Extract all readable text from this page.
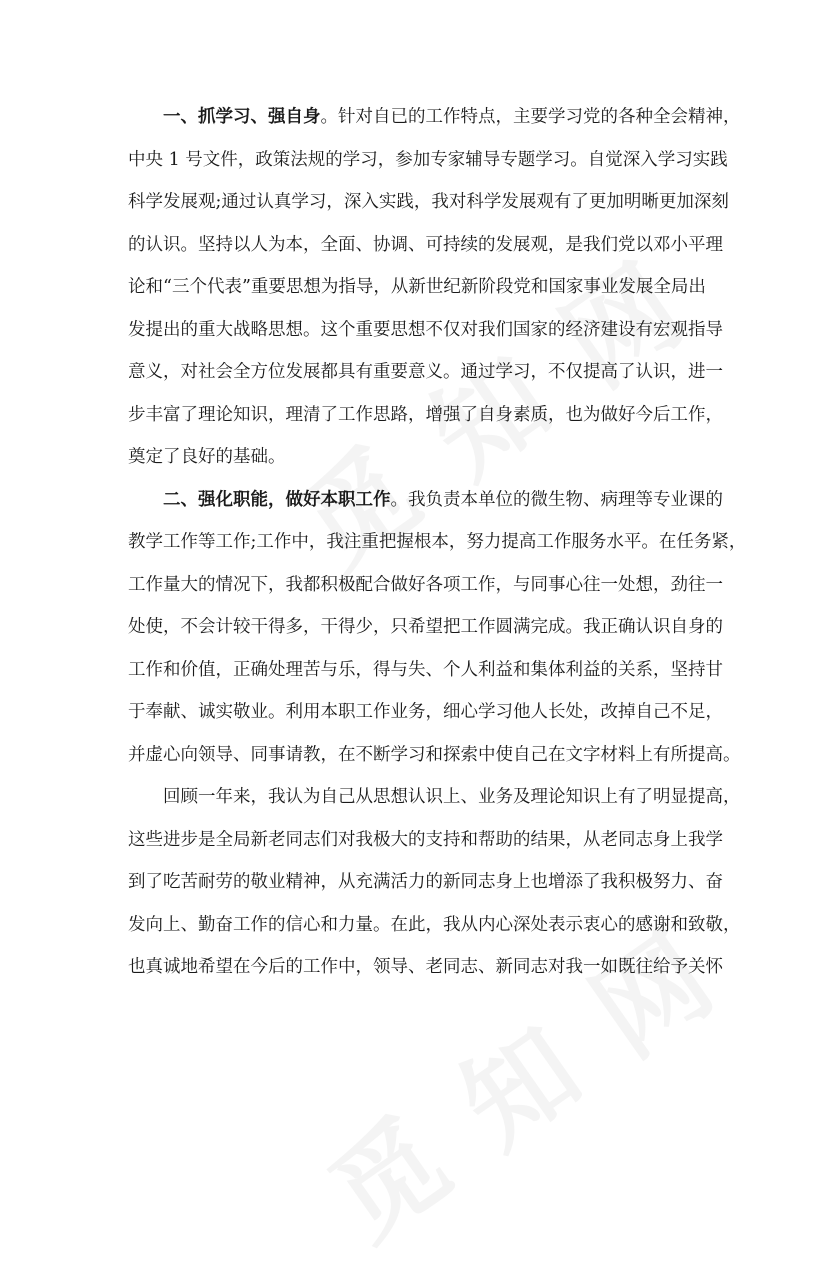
一、抓学习、强自身。针对自已的工作特点，主要学习党的各种全会精神，
中央 1 号文件，政策法规的学习，参加专家辅导专题学习。自觉深入学习实践
科学发展观;通过认真学习，深入实践，我对科学发展观有了更加明晰更加深刻
的认识。坚持以人为本，全面、协调、可持续的发展观，是我们党以邓小平理
论和“三个代表”重要思想为指导，从新世纪新阶段党和国家事业发展全局出
发提出的重大战略思想。这个重要思想不仅对我们国家的经济建设有宏观指导
意义，对社会全方位发展都具有重要意义。通过学习，不仅提高了认识，进一
步丰富了理论知识，理清了工作思路，增强了自身素质，也为做好今后工作，
奠定了良好的基础。
二、强化职能，做好本职工作。我负责本单位的微生物、病理等专业课的
教学工作等工作;工作中，我注重把握根本，努力提高工作服务水平。在任务紧，
工作量大的情况下，我都积极配合做好各项工作，与同事心往一处想，劲往一
处使，不会计较干得多，干得少，只希望把工作圆满完成。我正确认识自身的
工作和价值，正确处理苦与乐，得与失、个人利益和集体利益的关系，坚持甘
于奉献、诚实敬业。利用本职工作业务，细心学习他人长处，改掉自己不足，
并虚心向领导、同事请教，在不断学习和探索中使自己在文字材料上有所提高。
回顾一年来，我认为自己从思想认识上、业务及理论知识上有了明显提高，
这些进步是全局新老同志们对我极大的支持和帮助的结果，从老同志身上我学
到了吃苦耐劳的敬业精神，从充满活力的新同志身上也增添了我积极努力、奋
发向上、勤奋工作的信心和力量。在此，我从内心深处表示衷心的感谢和致敬，
也真诚地希望在今后的工作中，领导、老同志、新同志对我一如既往给予关怀
